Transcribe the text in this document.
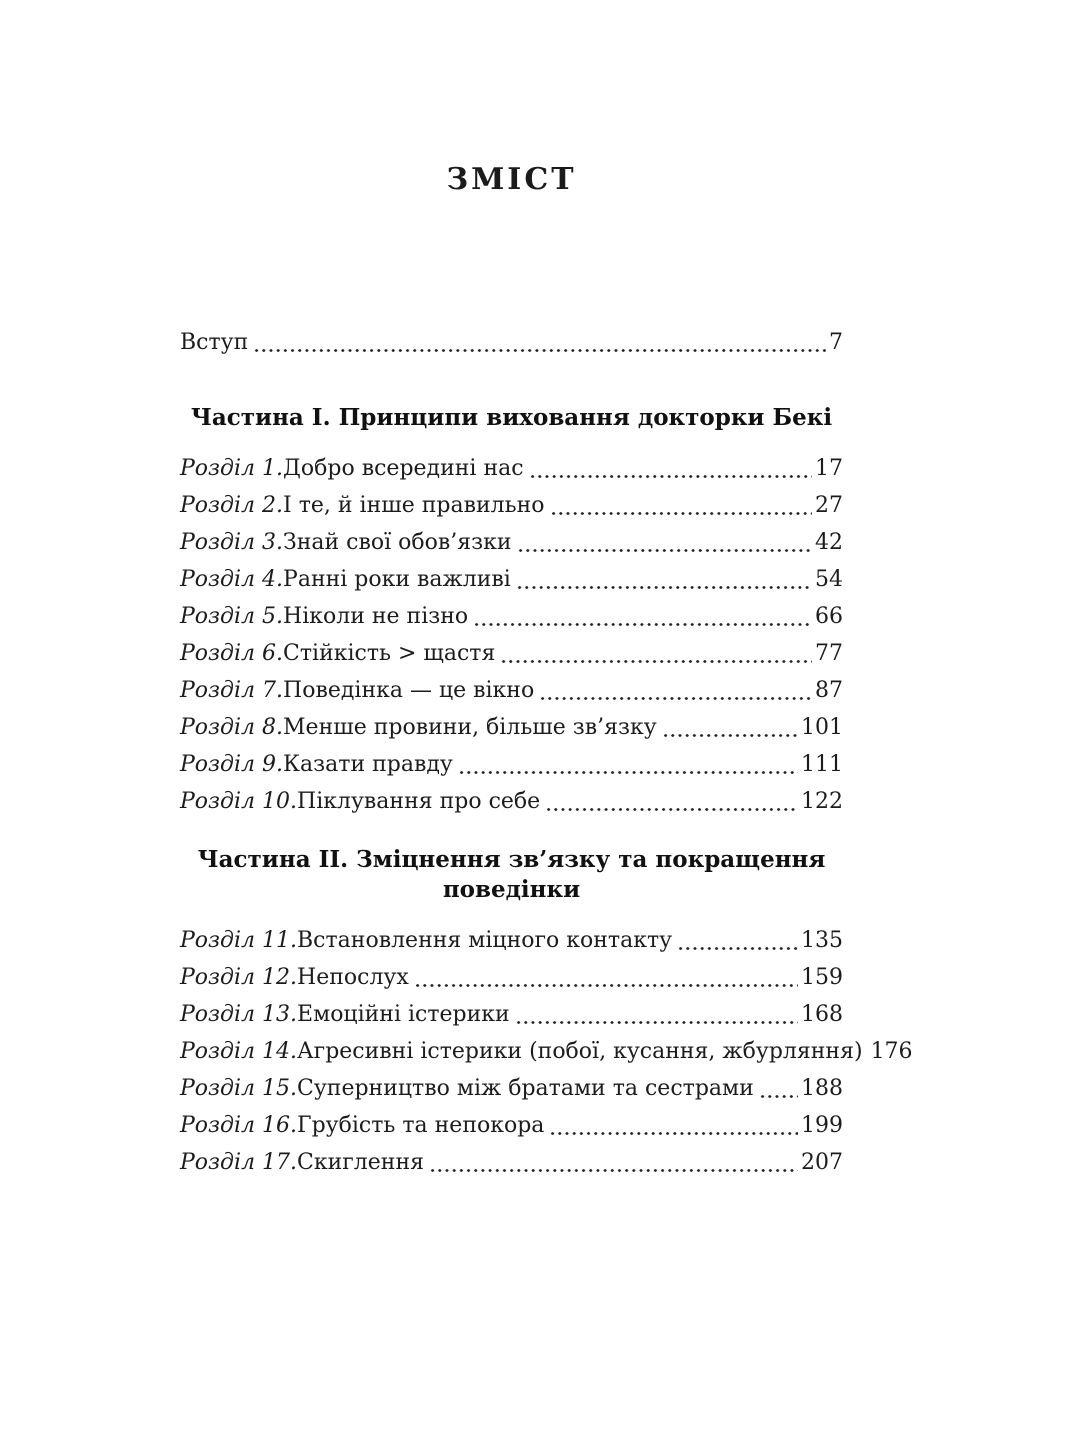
ЗМІСТ
Вступ	7
Частина I. Принципи виховання докторки Бекі
Розділ 1. Добро всередині нас	17
Розділ 2. І те, й інше правильно	27
Розділ 3. Знай свої обов’язки	42
Розділ 4. Ранні роки важливі	54
Розділ 5. Ніколи не пізно	66
Розділ 6. Стійкість > щастя	77
Розділ 7. Поведінка — це вікно	87
Розділ 8. Менше провини, більше зв’язку	101
Розділ 9. Казати правду	111
Розділ 10. Піклування про себе	122
Частина II. Зміцнення зв’язку та покращення поведінки
Розділ 11. Встановлення міцного контакту	135
Розділ 12. Непослух	159
Розділ 13. Емоційні істерики	168
Розділ 14. Агресивні істерики (побої, кусання, жбурляння) 176
Розділ 15. Суперництво між братами та сестрами 188
Розділ 16. Грубість та непокора	199
Розділ 17. Скиглення	207
